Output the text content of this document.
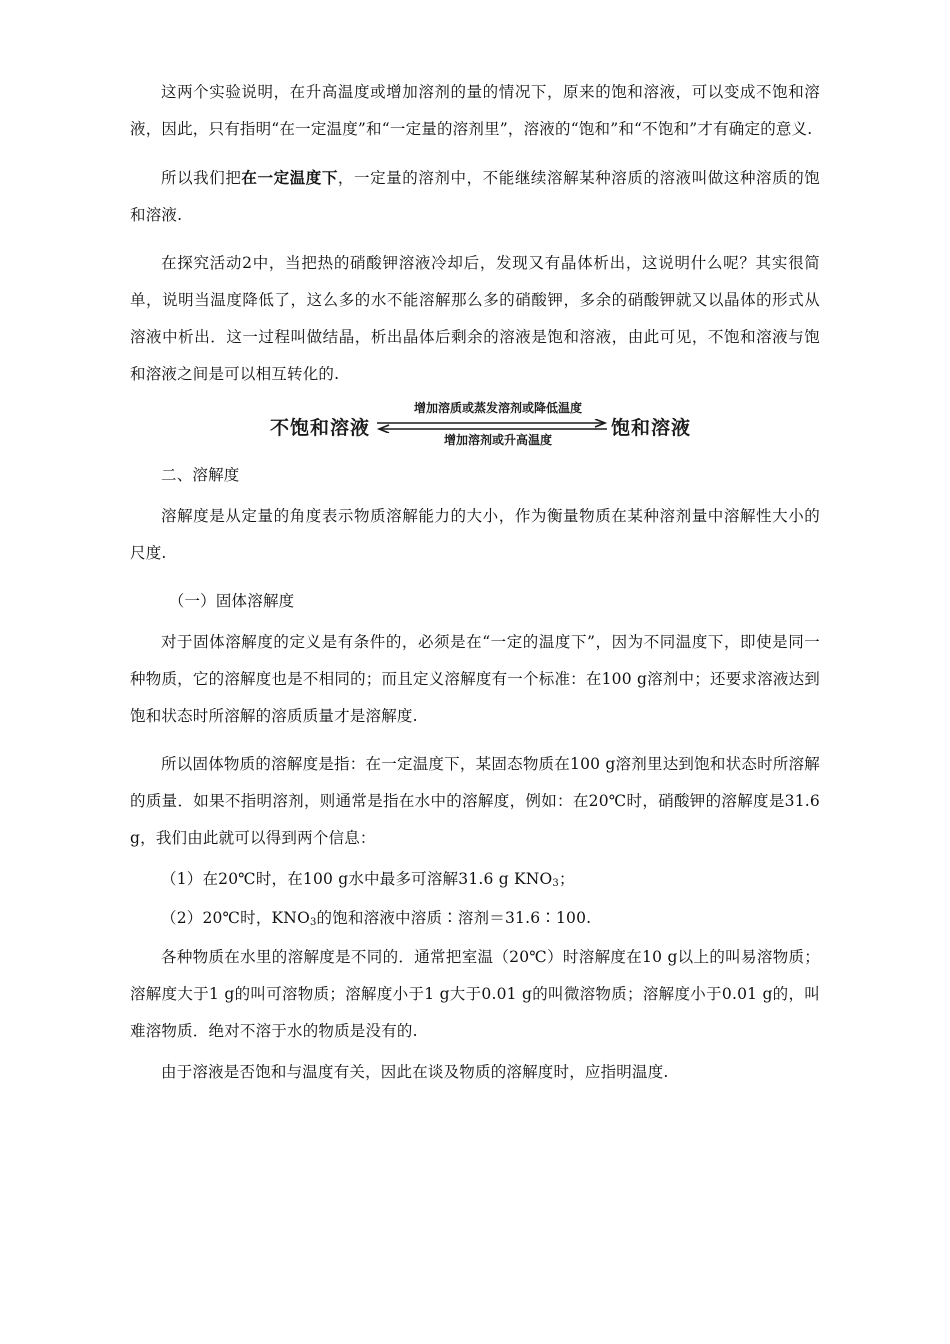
这两个实验说明，在升高温度或增加溶剂的量的情况下，原来的饱和溶液，可以变成不饱和溶液，因此，只有指明“在一定温度”和“一定量的溶剂里”，溶液的“饱和”和“不饱和”才有确定的意义.

所以我们把在一定温度下，一定量的溶剂中，不能继续溶解某种溶质的溶液叫做这种溶质的饱和溶液.

在探究活动2中，当把热的硝酸钾溶液冷却后，发现又有晶体析出，这说明什么呢？其实很简单，说明当温度降低了，这么多的水不能溶解那么多的硝酸钾，多余的硝酸钾就又以晶体的形式从溶液中析出．这一过程叫做结晶，析出晶体后剩余的溶液是饱和溶液，由此可见，不饱和溶液与饱和溶液之间是可以相互转化的.

不饱和溶液
增加溶质或蒸发溶剂或降低温度
增加溶剂或升高温度
饱和溶液

二、溶解度

溶解度是从定量的角度表示物质溶解能力的大小，作为衡量物质在某种溶剂量中溶解性大小的尺度.

（一）固体溶解度

对于固体溶解度的定义是有条件的，必须是在“一定的温度下”，因为不同温度下，即使是同一种物质，它的溶解度也是不相同的；而且定义溶解度有一个标准：在100 g溶剂中；还要求溶液达到饱和状态时所溶解的溶质质量才是溶解度.

所以固体物质的溶解度是指：在一定温度下，某固态物质在100 g溶剂里达到饱和状态时所溶解的质量．如果不指明溶剂，则通常是指在水中的溶解度，例如：在20℃时，硝酸钾的溶解度是31.6 g，我们由此就可以得到两个信息：

（1）在20℃时，在100 g水中最多可溶解31.6 g $KNO_3$；

（2）20℃时，$KNO_3$的饱和溶液中溶质∶溶剂＝31.6∶100.

各种物质在水里的溶解度是不同的．通常把室温（20℃）时溶解度在10 g以上的叫易溶物质；溶解度大于1 g的叫可溶物质；溶解度小于1 g大于0.01 g的叫微溶物质；溶解度小于0.01 g的，叫难溶物质．绝对不溶于水的物质是没有的.

由于溶液是否饱和与温度有关，因此在谈及物质的溶解度时，应指明温度.
